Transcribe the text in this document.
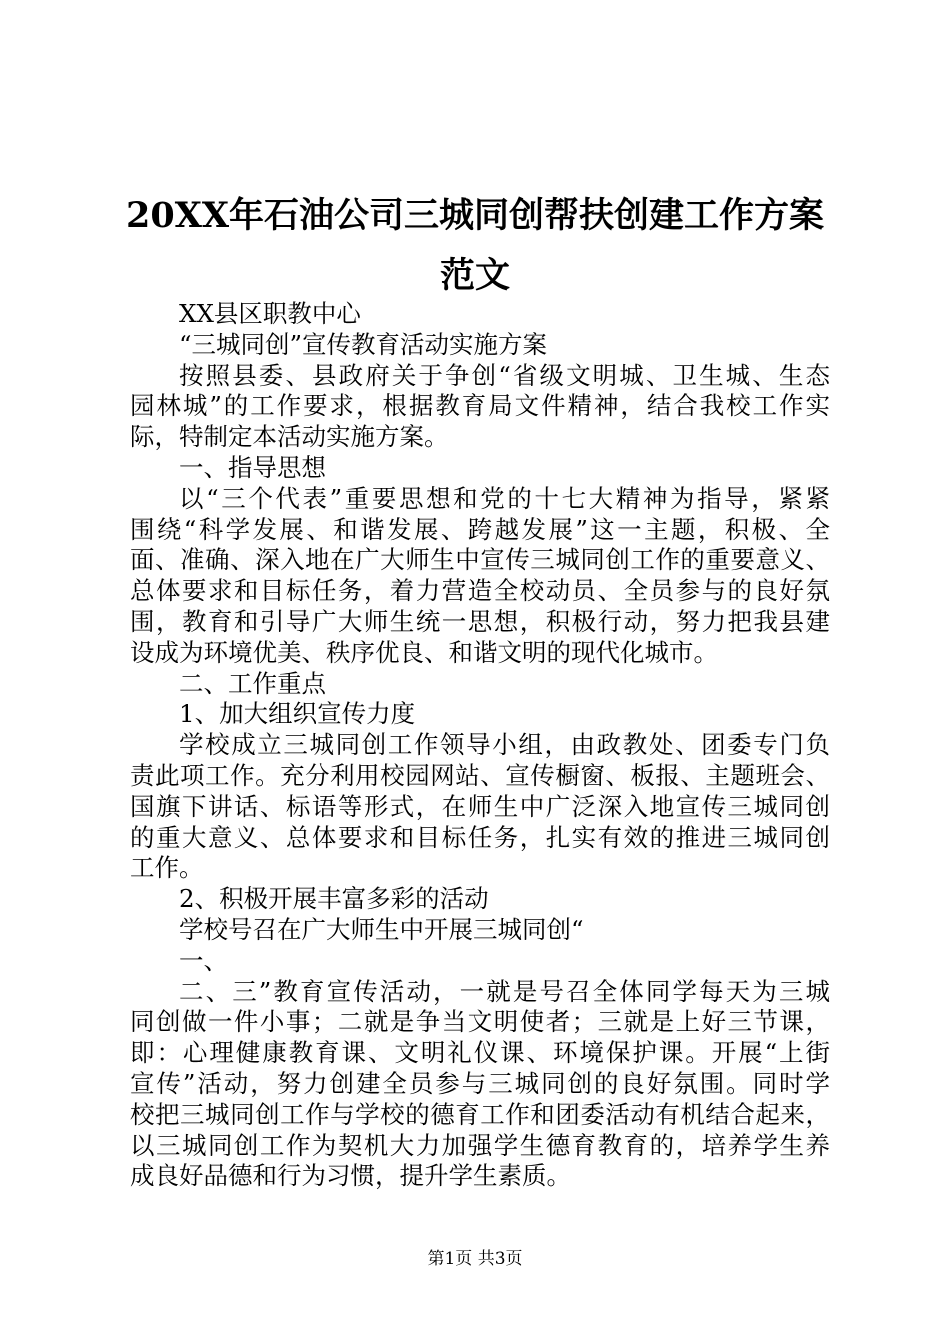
20XX年石油公司三城同创帮扶创建工作方案
范文
XX县区职教中心
“三城同创”宣传教育活动实施方案
按照县委、县政府关于争创“省级文明城、卫生城、生态
园林城”的工作要求，根据教育局文件精神，结合我校工作实
际，特制定本活动实施方案。
一、指导思想
以“三个代表”重要思想和党的十七大精神为指导，紧紧
围绕“科学发展、和谐发展、跨越发展”这一主题，积极、全
面、准确、深入地在广大师生中宣传三城同创工作的重要意义、
总体要求和目标任务，着力营造全校动员、全员参与的良好氛
围，教育和引导广大师生统一思想，积极行动，努力把我县建
设成为环境优美、秩序优良、和谐文明的现代化城市。
二、工作重点
1、加大组织宣传力度
学校成立三城同创工作领导小组，由政教处、团委专门负
责此项工作。充分利用校园网站、宣传橱窗、板报、主题班会、
国旗下讲话、标语等形式，在师生中广泛深入地宣传三城同创
的重大意义、总体要求和目标任务，扎实有效的推进三城同创
工作。
2、积极开展丰富多彩的活动
学校号召在广大师生中开展三城同创“
一、
二、三”教育宣传活动，一就是号召全体同学每天为三城
同创做一件小事；二就是争当文明使者；三就是上好三节课，
即：心理健康教育课、文明礼仪课、环境保护课。开展“上街
宣传”活动，努力创建全员参与三城同创的良好氛围。同时学
校把三城同创工作与学校的德育工作和团委活动有机结合起来，
以三城同创工作为契机大力加强学生德育教育的，培养学生养
成良好品德和行为习惯，提升学生素质。
第1页 共3页
